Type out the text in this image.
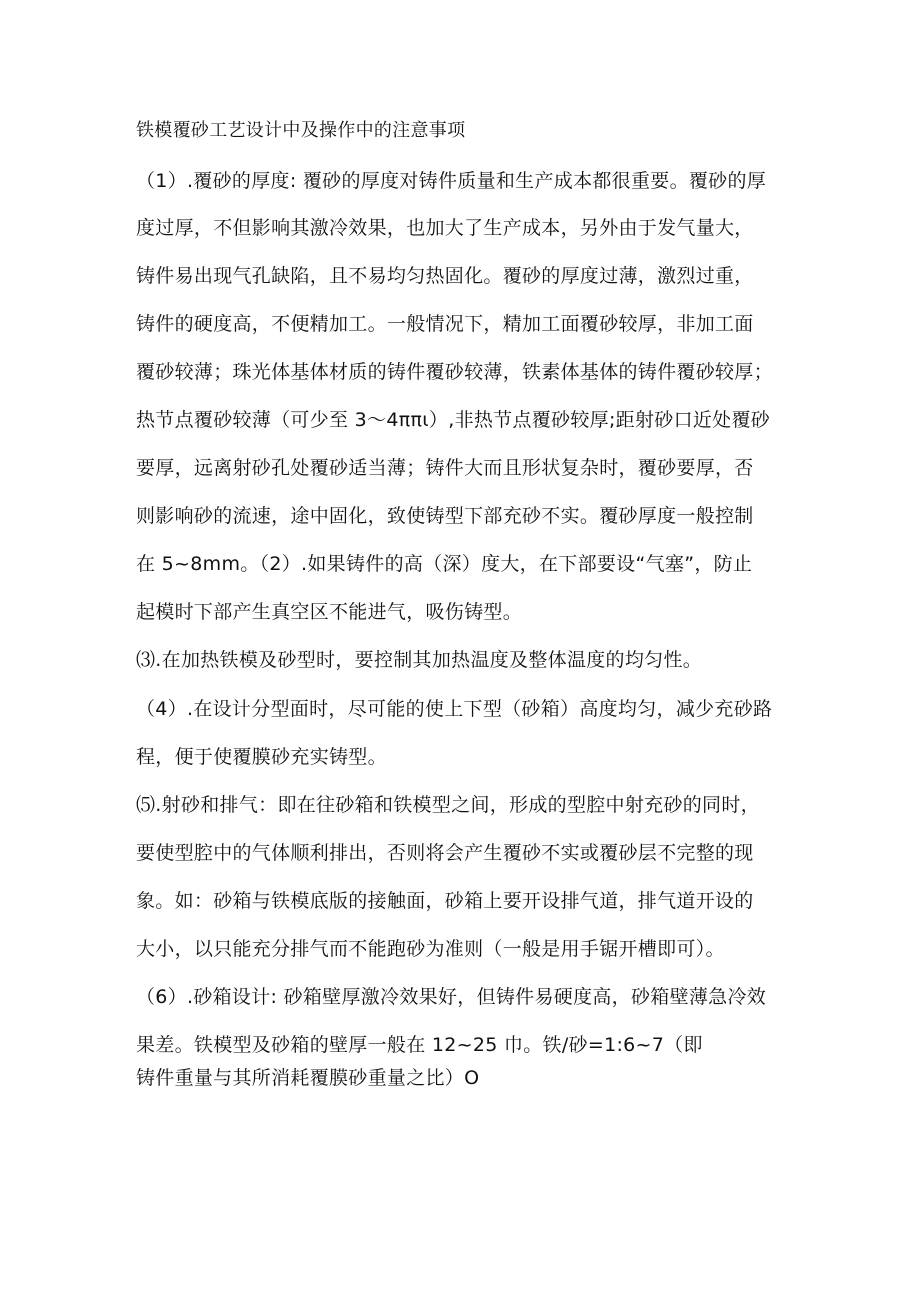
铁模覆砂工艺设计中及操作中的注意事项
（1）.覆砂的厚度: 覆砂的厚度对铸件质量和生产成本都很重要。覆砂的厚
度过厚，不但影响其激冷效果，也加大了生产成本，另外由于发气量大，
铸件易出现气孔缺陷，且不易均匀热固化。覆砂的厚度过薄，激烈过重，
铸件的硬度高，不便精加工。一般情况下，精加工面覆砂较厚，非加工面
覆砂较薄；珠光体基体材质的铸件覆砂较薄，铁素体基体的铸件覆砂较厚；
热节点覆砂较薄（可少至 3～4ππι）,非热节点覆砂较厚;距射砂口近处覆砂
要厚，远离射砂孔处覆砂适当薄；铸件大而且形状复杂时，覆砂要厚，否
则影响砂的流速，途中固化，致使铸型下部充砂不实。覆砂厚度一般控制
在 5~8mm。（2）.如果铸件的高（深）度大，在下部要设“气塞”，防止
起模时下部产生真空区不能进气，吸伤铸型。
⑶.在加热铁模及砂型时，要控制其加热温度及整体温度的均匀性。
（4）.在设计分型面时，尽可能的使上下型（砂箱）高度均匀，减少充砂路
程，便于使覆膜砂充实铸型。
⑸.射砂和排气：即在往砂箱和铁模型之间，形成的型腔中射充砂的同时，
要使型腔中的气体顺利排出，否则将会产生覆砂不实或覆砂层不完整的现
象。如：砂箱与铁模底版的接触面，砂箱上要开设排气道，排气道开设的
大小，以只能充分排气而不能跑砂为准则（一般是用手锯开槽即可）。
（6）.砂箱设计: 砂箱壁厚激冷效果好，但铸件易硬度高，砂箱壁薄急冷效
果差。铁模型及砂箱的壁厚一般在 12~25 巾。铁/砂=1:6~7（即
铸件重量与其所消耗覆膜砂重量之比）O
